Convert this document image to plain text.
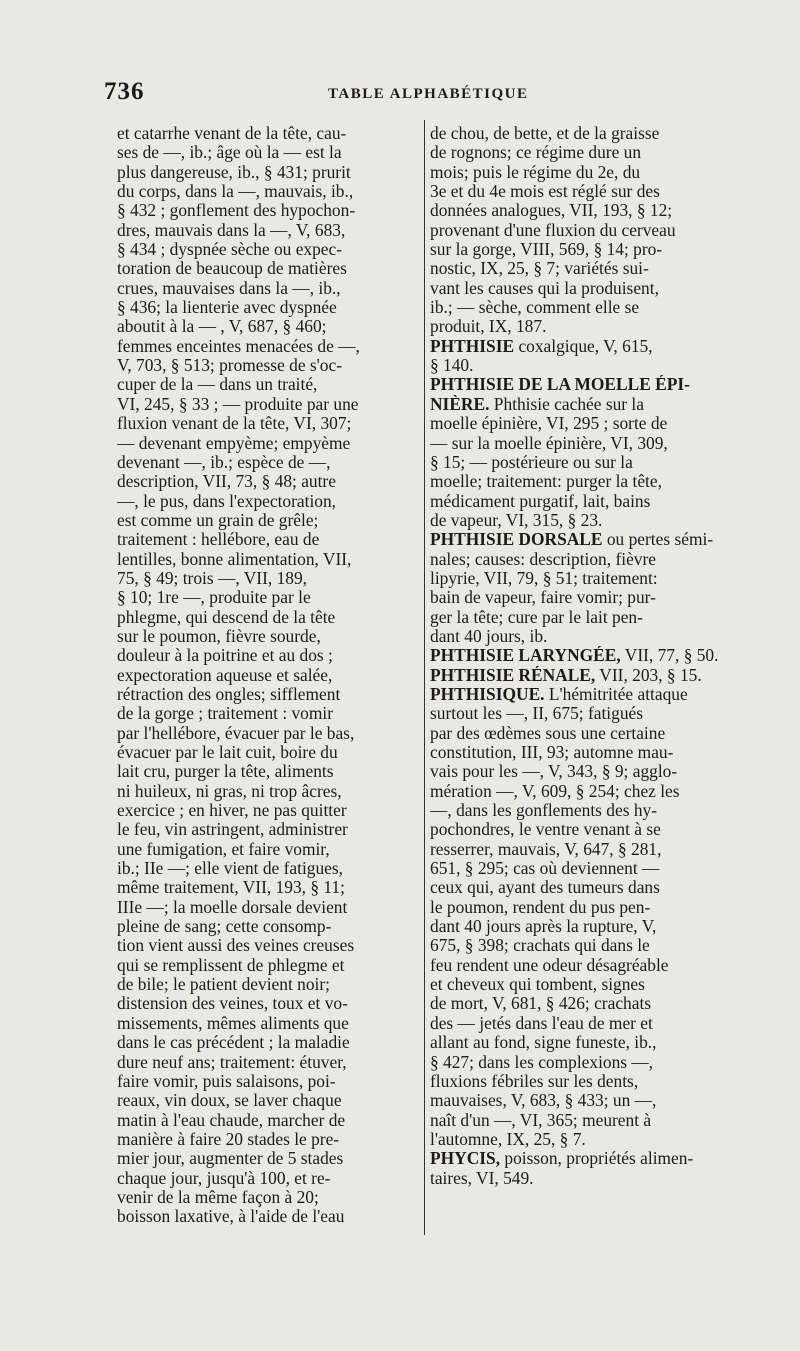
736	TABLE ALPHABÉTIQUE
et catarrhe venant de la tête, cau-
ses de —, ib.; âge où la — est la
plus dangereuse, ib., § 431; prurit
du corps, dans la —, mauvais, ib.,
§ 432 ; gonflement des hypochon-
dres, mauvais dans la —, V, 683,
§ 434 ; dyspnée sèche ou expec-
toration de beaucoup de matières
crues, mauvaises dans la —, ib.,
§ 436; la lienterie avec dyspnée
aboutit à la — , V, 687, § 460;
femmes enceintes menacées de —,
V, 703, § 513; promesse de s'oc-
cuper de la — dans un traité,
VI, 245, § 33 ; — produite par une
fluxion venant de la tête, VI, 307;
— devenant empyème; empyème
devenant —, ib.; espèce de —,
description, VII, 73, § 48; autre
—, le pus, dans l'expectoration,
est comme un grain de grêle;
traitement : hellébore, eau de
lentilles, bonne alimentation, VII,
75, § 49; trois —, VII, 189,
§ 10; 1re —, produite par le
phlegme, qui descend de la tête
sur le poumon, fièvre sourde,
douleur à la poitrine et au dos ;
expectoration aqueuse et salée,
rétraction des ongles; sifflement
de la gorge ; traitement : vomir
par l'hellébore, évacuer par le bas,
évacuer par le lait cuit, boire du
lait cru, purger la tête, aliments
ni huileux, ni gras, ni trop âcres,
exercice ; en hiver, ne pas quitter
le feu, vin astringent, administrer
une fumigation, et faire vomir,
ib.; IIe —; elle vient de fatigues,
même traitement, VII, 193, § 11;
IIIe —; la moelle dorsale devient
pleine de sang; cette consomp-
tion vient aussi des veines creuses
qui se remplissent de phlegme et
de bile; le patient devient noir;
distension des veines, toux et vo-
missements, mêmes aliments que
dans le cas précédent ; la maladie
dure neuf ans; traitement: étuver,
faire vomir, puis salaisons, poi-
reaux, vin doux, se laver chaque
matin à l'eau chaude, marcher de
manière à faire 20 stades le pre-
mier jour, augmenter de 5 stades
chaque jour, jusqu'à 100, et re-
venir de la même façon à 20;
boisson laxative, à l'aide de l'eau
de chou, de bette, et de la graisse
de rognons; ce régime dure un
mois; puis le régime du 2e, du
3e et du 4e mois est réglé sur des
données analogues, VII, 193, § 12;
provenant d'une fluxion du cerveau
sur la gorge, VIII, 569, § 14; pro-
nostic, IX, 25, § 7; variétés sui-
vant les causes qui la produisent,
ib.; — sèche, comment elle se
produit, IX, 187.
PHTHISIE coxalgique, V, 615,
§ 140.
PHTHISIE DE LA MOELLE ÉPI-
NIÈRE. Phthisie cachée sur la
moelle épinière, VI, 295 ; sorte de
— sur la moelle épinière, VI, 309,
§ 15; — postérieure ou sur la
moelle; traitement: purger la tête,
médicament purgatif, lait, bains
de vapeur, VI, 315, § 23.
PHTHISIE DORSALE ou pertes sémi-
nales; causes: description, fièvre
lipyrie, VII, 79, § 51; traitement:
bain de vapeur, faire vomir; pur-
ger la tête; cure par le lait pen-
dant 40 jours, ib.
PHTHISIE LARYNGÉE, VII, 77, § 50.
PHTHISIE RÉNALE, VII, 203, § 15.
PHTHISIQUE. L'hémitritée attaque
surtout les —, II, 675; fatigués
par des œdèmes sous une certaine
constitution, III, 93; automne mau-
vais pour les —, V, 343, § 9; agglo-
mération —, V, 609, § 254; chez les
—, dans les gonflements des hy-
pochondres, le ventre venant à se
resserrer, mauvais, V, 647, § 281,
651, § 295; cas où deviennent —
ceux qui, ayant des tumeurs dans
le poumon, rendent du pus pen-
dant 40 jours après la rupture, V,
675, § 398; crachats qui dans le
feu rendent une odeur désagréable
et cheveux qui tombent, signes
de mort, V, 681, § 426; crachats
des — jetés dans l'eau de mer et
allant au fond, signe funeste, ib.,
§ 427; dans les complexions —,
fluxions fébriles sur les dents,
mauvaises, V, 683, § 433; un —,
naît d'un —, VI, 365; meurent à
l'automne, IX, 25, § 7.
PHYCIS, poisson, propriétés alimen-
taires, VI, 549.
